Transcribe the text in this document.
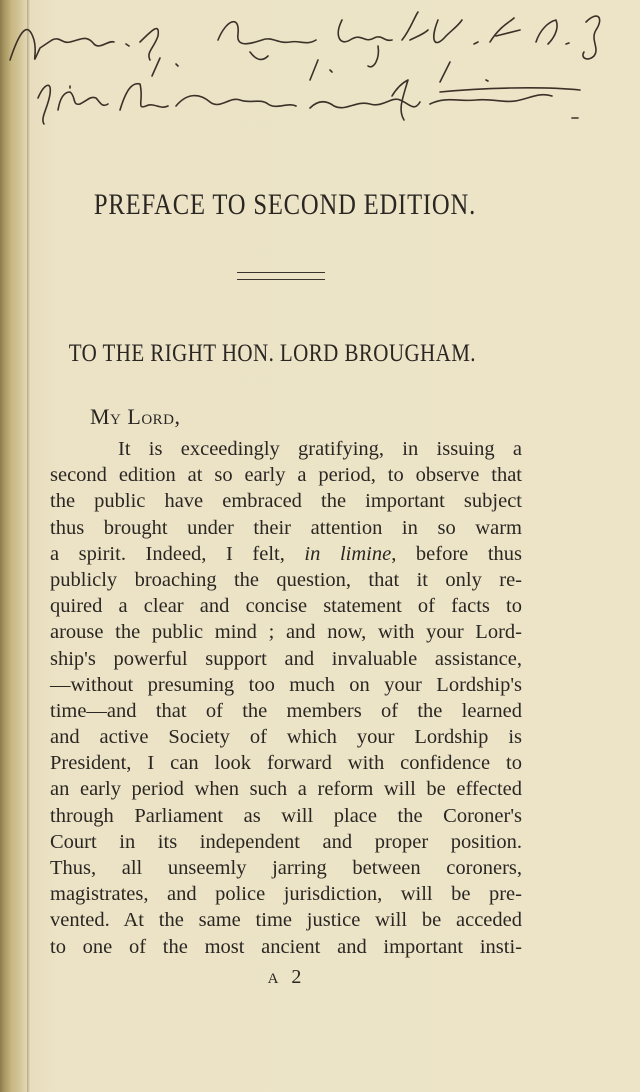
PREFACE TO SECOND EDITION.
TO THE RIGHT HON. LORD BROUGHAM.
My Lord,
It is exceedingly gratifying, in issuing a
second edition at so early a period, to observe that
the public have embraced the important subject
thus brought under their attention in so warm
a spirit. Indeed, I felt, in limine, before thus
publicly broaching the question, that it only re-
quired a clear and concise statement of facts to
arouse the public mind ; and now, with your Lord-
ship's powerful support and invaluable assistance,
—without presuming too much on your Lordship's
time—and that of the members of the learned
and active Society of which your Lordship is
President, I can look forward with confidence to
an early period when such a reform will be effected
through Parliament as will place the Coroner's
Court in its independent and proper position.
Thus, all unseemly jarring between coroners,
magistrates, and police jurisdiction, will be pre-
vented. At the same time justice will be acceded
to one of the most ancient and important insti-
A 2
